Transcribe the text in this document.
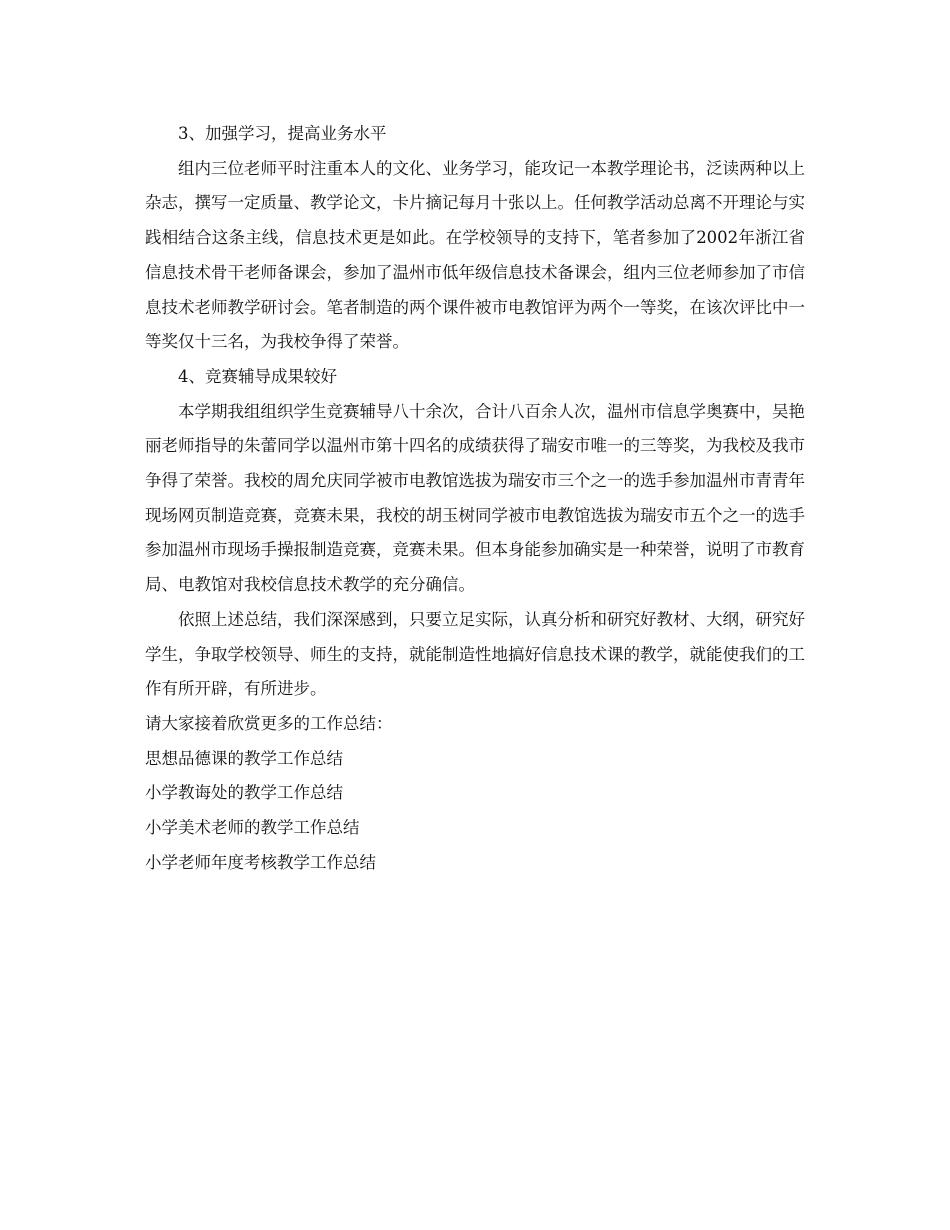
3、加强学习，提高业务水平

组内三位老师平时注重本人的文化、业务学习，能攻记一本教学理论书，泛读两种以上杂志，撰写一定质量、教学论文，卡片摘记每月十张以上。任何教学活动总离不开理论与实践相结合这条主线，信息技术更是如此。在学校领导的支持下，笔者参加了2002年浙江省信息技术骨干老师备课会，参加了温州市低年级信息技术备课会，组内三位老师参加了市信息技术老师教学研讨会。笔者制造的两个课件被市电教馆评为两个一等奖，在该次评比中一等奖仅十三名，为我校争得了荣誉。

4、竞赛辅导成果较好

本学期我组组织学生竞赛辅导八十余次，合计八百余人次，温州市信息学奥赛中，吴艳丽老师指导的朱蕾同学以温州市第十四名的成绩获得了瑞安市唯一的三等奖，为我校及我市争得了荣誉。我校的周允庆同学被市电教馆选拔为瑞安市三个之一的选手参加温州市青青年现场网页制造竞赛，竞赛未果，我校的胡玉树同学被市电教馆选拔为瑞安市五个之一的选手参加温州市现场手操报制造竞赛，竞赛未果。但本身能参加确实是一种荣誉，说明了市教育局、电教馆对我校信息技术教学的充分确信。

依照上述总结，我们深深感到，只要立足实际，认真分析和研究好教材、大纲，研究好学生，争取学校领导、师生的支持，就能制造性地搞好信息技术课的教学，就能使我们的工作有所开辟，有所进步。

请大家接着欣赏更多的工作总结：

思想品德课的教学工作总结
小学教诲处的教学工作总结
小学美术老师的教学工作总结
小学老师年度考核教学工作总结
